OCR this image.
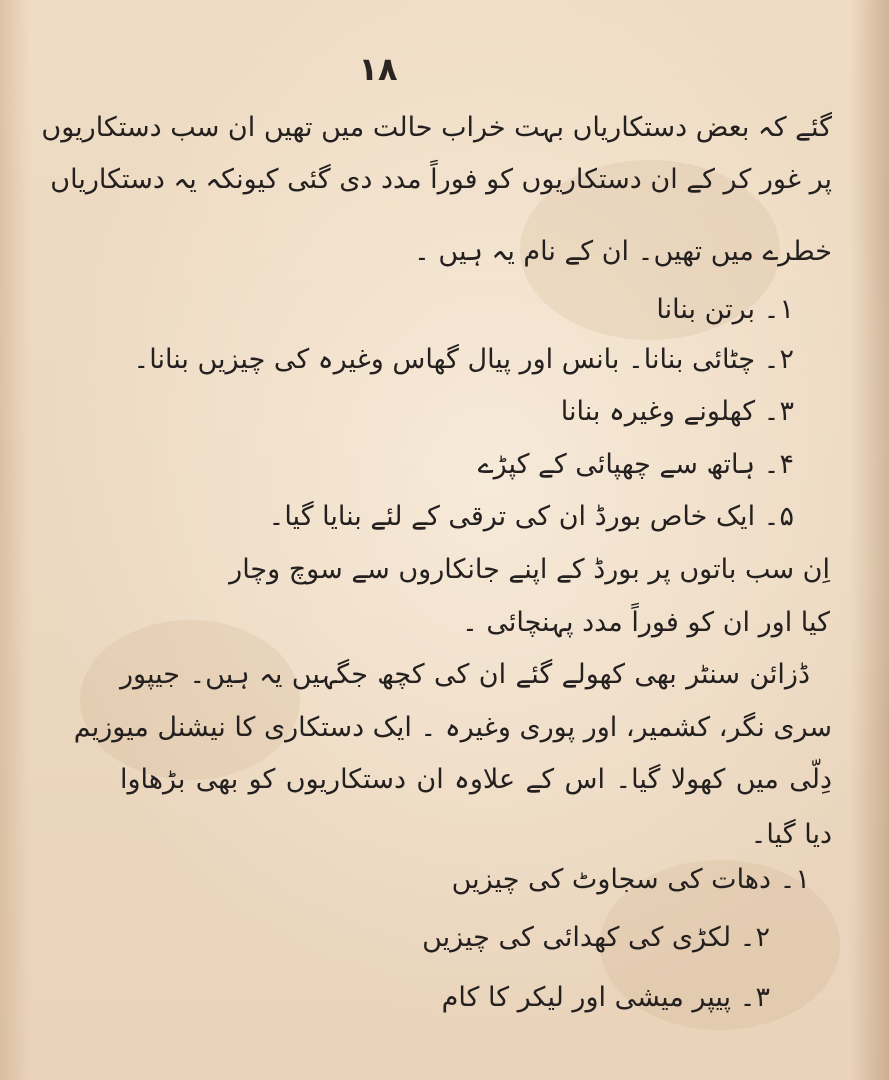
۱۸
گئے کہ بعض دستکاریاں بہت خراب حالت میں تھیں ان سب دستکاریوں
پر غور کر کے ان دستکاریوں کو فوراً مدد دی گئی کیونکہ یہ دستکاریاں
خطرے میں تھیں۔ ان کے نام یہ ہیں ۔
۱۔ برتن بنانا
۲۔ چٹائی بنانا۔ بانس اور پیال گھاس وغیرہ کی چیزیں بنانا۔
۳۔ کھلونے وغیرہ بنانا
۴۔ ہاتھ سے چھپائی کے کپڑے
۵۔ ایک خاص بورڈ ان کی ترقی کے لئے بنایا گیا۔
اِن سب باتوں پر بورڈ کے اپنے جانکاروں سے سوچ وچار
کیا اور ان کو فوراً مدد پہنچائی ۔
ڈزائن سنٹر بھی کھولے گئے ان کی کچھ جگہیں یہ ہیں۔ جیپور
سری نگر، کشمیر، اور پوری وغیرہ ۔ ایک دستکاری کا نیشنل میوزیم
دِلّی میں کھولا گیا۔ اس کے علاوہ ان دستکاریوں کو بھی بڑھاوا
دیا گیا۔
۱۔ دھات کی سجاوٹ کی چیزیں
۲۔ لکڑی کی کھدائی کی چیزیں
۳۔ پیپر میشی اور لیکر کا کام
